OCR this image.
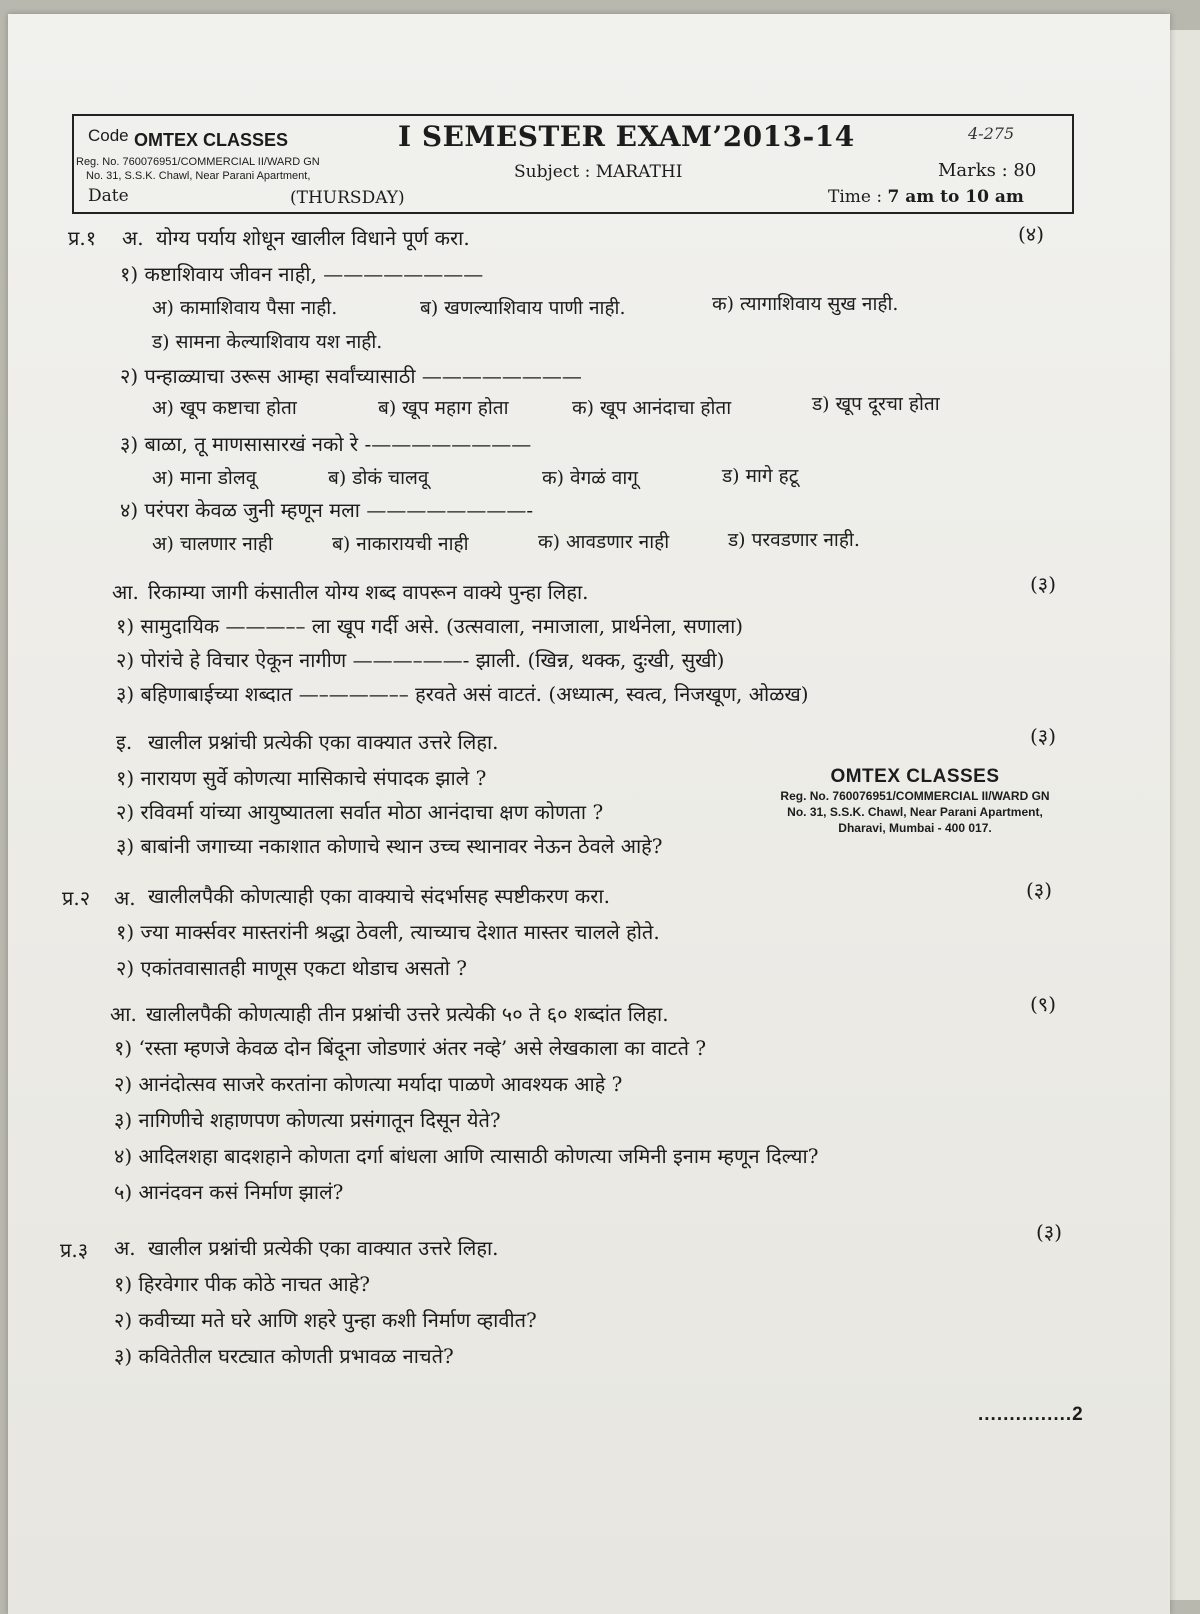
Code OMTEX CLASSES
Reg. No. 760076951/COMMERCIAL II/WARD GN
No. 31, S.S.K. Chawl, Near Parani Apartment,
Date	(THURSDAY)
I SEMESTER EXAM’2013-14
Subject : MARATHI
4-275
Marks : 80
Time : 7 am to 10 am
प्र.१ अ. योग्य पर्याय शोधून खालील विधाने पूर्ण करा.	(४)
१) कष्टाशिवाय जीवन नाही, ————————
अ) कामाशिवाय पैसा नाही.	ब) खणल्याशिवाय पाणी नाही.	क) त्यागाशिवाय सुख नाही.
ड) सामना केल्याशिवाय यश नाही.
२) पन्हाळ्याचा उरूस आम्हा सर्वांच्यासाठी ————————
अ) खूप कष्टाचा होता	ब) खूप महाग होता	क) खूप आनंदाचा होता	ड) खूप दूरचा होता
३) बाळा, तू माणसासारखं नको रे -————————
अ) माना डोलवू	ब) डोकं चालवू	क) वेगळं वागू	ड) मागे हटू
४) परंपरा केवळ जुनी म्हणून मला ————————-
अ) चालणार नाही	ब) नाकारायची नाही	क) आवडणार नाही	ड) परवडणार नाही.
आ. रिकाम्या जागी कंसातील योग्य शब्द वापरून वाक्ये पुन्हा लिहा.	(३)
१) सामुदायिक ———–– ला खूप गर्दी असे. (उत्सवाला, नमाजाला, प्रार्थनेला, सणाला)
२) पोरांचे हे विचार ऐकून नागीण ———–——- झाली. (खिन्न, थक्क, दुःखी, सुखी)
३) बहिणाबाईच्या शब्दात —–———–– हरवते असं वाटतं. (अध्यात्म, स्वत्व, निजखूण, ओळख)
इ. खालील प्रश्नांची प्रत्येकी एका वाक्यात उत्तरे लिहा.	(३)
१) नारायण सुर्वे कोणत्या मासिकाचे संपादक झाले ?
२) रविवर्मा यांच्या आयुष्यातला सर्वात मोठा आनंदाचा क्षण कोणता ?
३) बाबांनी जगाच्या नकाशात कोणाचे स्थान उच्च स्थानावर नेऊन ठेवले आहे?
OMTEX CLASSES
Reg. No. 760076951/COMMERCIAL II/WARD GN
No. 31, S.S.K. Chawl, Near Parani Apartment,
Dharavi, Mumbai - 400 017.
प्र.२ अ. खालीलपैकी कोणत्याही एका वाक्याचे संदर्भासह स्पष्टीकरण करा.	(३)
१) ज्या मार्क्सवर मास्तरांनी श्रद्धा ठेवली, त्याच्याच देशात मास्तर चालले होते.
२) एकांतवासातही माणूस एकटा थोडाच असतो ?
आ. खालीलपैकी कोणत्याही तीन प्रश्नांची उत्तरे प्रत्येकी ५० ते ६० शब्दांत लिहा.	(९)
१) ‘रस्ता म्हणजे केवळ दोन बिंदूना जोडणारं अंतर नव्हे’ असे लेखकाला का वाटते ?
२) आनंदोत्सव साजरे करतांना कोणत्या मर्यादा पाळणे आवश्यक आहे ?
३) नागिणीचे शहाणपण कोणत्या प्रसंगातून दिसून येते?
४) आदिलशहा बादशहाने कोणता दर्गा बांधला आणि त्यासाठी कोणत्या जमिनी इनाम म्हणून दिल्या?
५) आनंदवन कसं निर्माण झालं?
प्र.३ अ. खालील प्रश्नांची प्रत्येकी एका वाक्यात उत्तरे लिहा.
(३)
१) हिरवेगार पीक कोठे नाचत आहे?
२) कवीच्या मते घरे आणि शहरे पुन्हा कशी निर्माण व्हावीत?
३) कवितेतील घरट्यात कोणती प्रभावळ नाचते?
...............2
